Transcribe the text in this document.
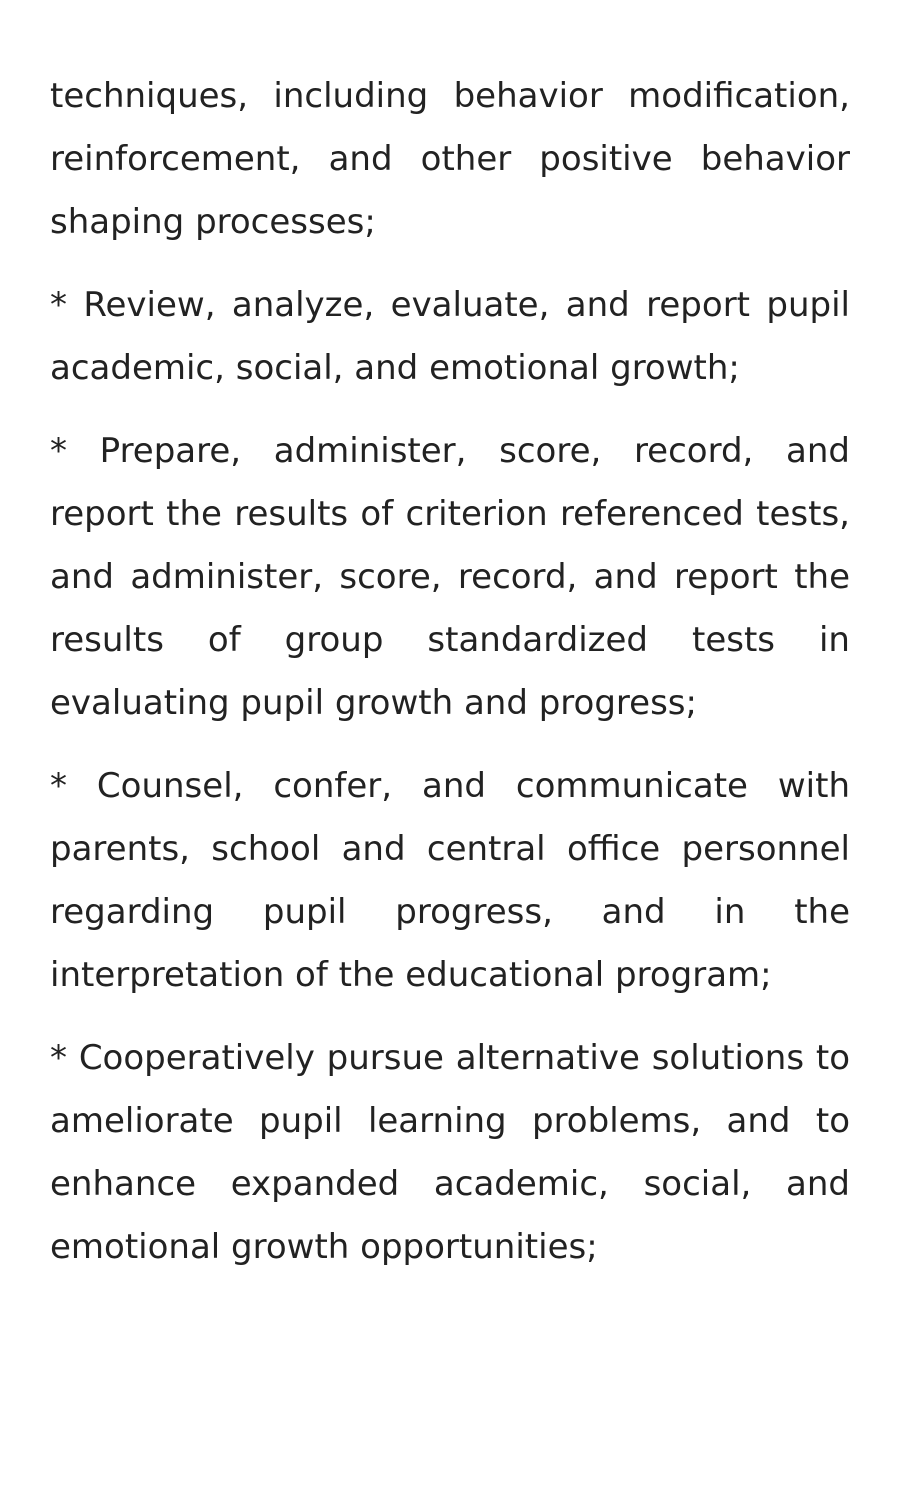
techniques, including behavior modification, reinforcement, and other positive behavior shaping processes;

* Review, analyze, evaluate, and report pupil academic, social, and emotional growth;

* Prepare, administer, score, record, and report the results of criterion referenced tests, and administer, score, record, and report the results of group standardized tests in evaluating pupil growth and progress;

* Counsel, confer, and communicate with parents, school and central office personnel regarding pupil progress, and in the interpretation of the educational program;

* Cooperatively pursue alternative solutions to ameliorate pupil learning problems, and to enhance expanded academic, social, and emotional growth opportunities;
